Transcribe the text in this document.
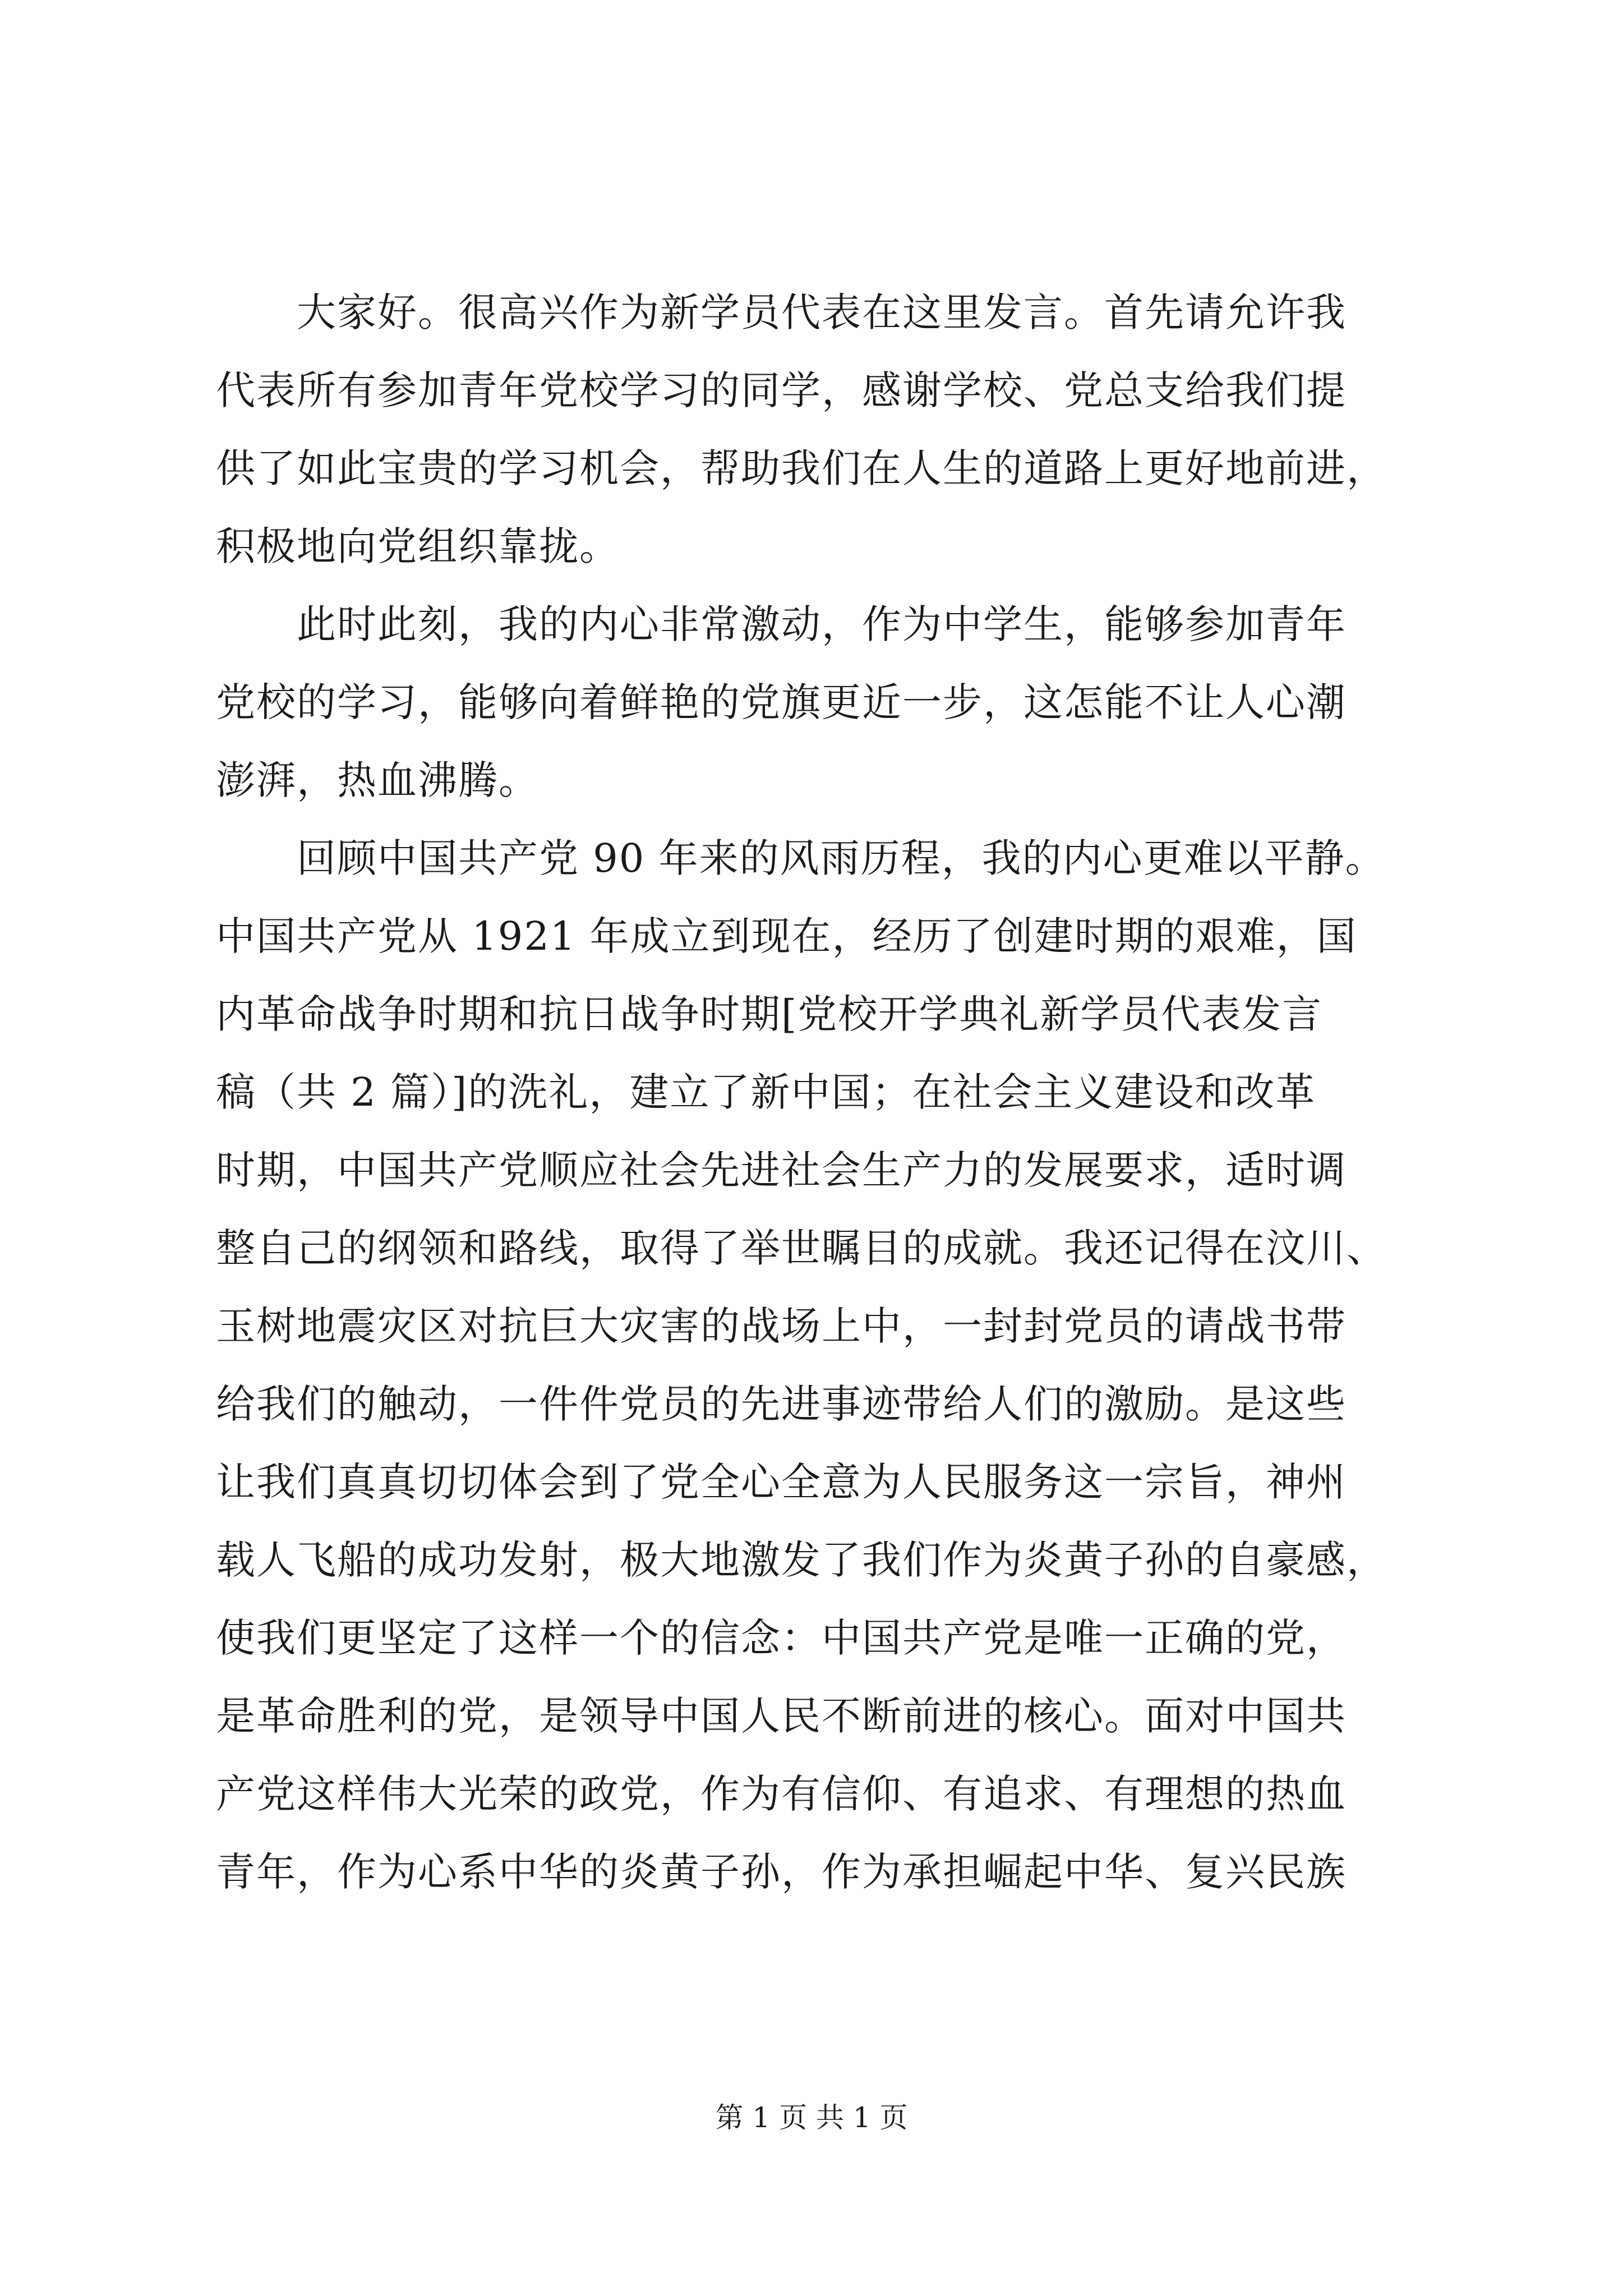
　　大家好。很高兴作为新学员代表在这里发言。首先请允许我
代表所有参加青年党校学习的同学，感谢学校、党总支给我们提
供了如此宝贵的学习机会，帮助我们在人生的道路上更好地前进，
积极地向党组织靠拢。
　　此时此刻，我的内心非常激动，作为中学生，能够参加青年
党校的学习，能够向着鲜艳的党旗更近一步，这怎能不让人心潮
澎湃，热血沸腾。
　　回顾中国共产党 90 年来的风雨历程，我的内心更难以平静。
中国共产党从 1921 年成立到现在，经历了创建时期的艰难，国
内革命战争时期和抗日战争时期[党校开学典礼新学员代表发言
稿（共 2 篇）]的洗礼，建立了新中国；在社会主义建设和改革
时期，中国共产党顺应社会先进社会生产力的发展要求，适时调
整自己的纲领和路线，取得了举世瞩目的成就。我还记得在汶川、
玉树地震灾区对抗巨大灾害的战场上中，一封封党员的请战书带
给我们的触动，一件件党员的先进事迹带给人们的激励。是这些
让我们真真切切体会到了党全心全意为人民服务这一宗旨，神州
载人飞船的成功发射，极大地激发了我们作为炎黄子孙的自豪感，
使我们更坚定了这样一个的信念：中国共产党是唯一正确的党，
是革命胜利的党，是领导中国人民不断前进的核心。面对中国共
产党这样伟大光荣的政党，作为有信仰、有追求、有理想的热血
青年，作为心系中华的炎黄子孙，作为承担崛起中华、复兴民族
第 1 页 共 1 页
